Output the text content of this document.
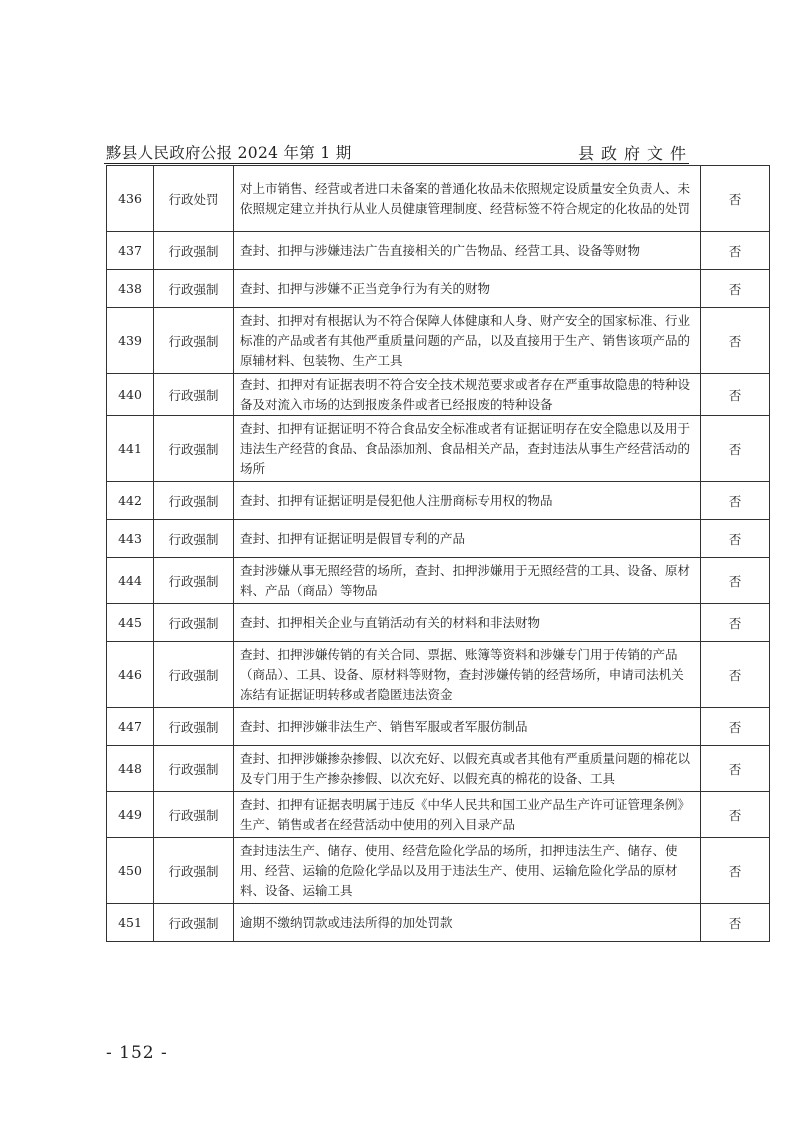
黟县人民政府公报 2024 年第 1 期	县政府文件
436	行政处罚	对上市销售、经营或者进口未备案的普通化妆品未依照规定设质量安全负责人、未依照规定建立并执行从业人员健康管理制度、经营标签不符合规定的化妆品的处罚	否
437	行政强制	查封、扣押与涉嫌违法广告直接相关的广告物品、经营工具、设备等财物	否
438	行政强制	查封、扣押与涉嫌不正当竞争行为有关的财物	否
439	行政强制	查封、扣押对有根据认为不符合保障人体健康和人身、财产安全的国家标准、行业标准的产品或者有其他严重质量问题的产品，以及直接用于生产、销售该项产品的原辅材料、包装物、生产工具	否
440	行政强制	查封、扣押对有证据表明不符合安全技术规范要求或者存在严重事故隐患的特种设备及对流入市场的达到报废条件或者已经报废的特种设备	否
441	行政强制	查封、扣押有证据证明不符合食品安全标准或者有证据证明存在安全隐患以及用于违法生产经营的食品、食品添加剂、食品相关产品，查封违法从事生产经营活动的场所	否
442	行政强制	查封、扣押有证据证明是侵犯他人注册商标专用权的物品	否
443	行政强制	查封、扣押有证据证明是假冒专利的产品	否
444	行政强制	查封涉嫌从事无照经营的场所，查封、扣押涉嫌用于无照经营的工具、设备、原材料、产品（商品）等物品	否
445	行政强制	查封、扣押相关企业与直销活动有关的材料和非法财物	否
446	行政强制	查封、扣押涉嫌传销的有关合同、票据、账簿等资料和涉嫌专门用于传销的产品（商品）、工具、设备、原材料等财物，查封涉嫌传销的经营场所，申请司法机关冻结有证据证明转移或者隐匿违法资金	否
447	行政强制	查封、扣押涉嫌非法生产、销售军服或者军服仿制品	否
448	行政强制	查封、扣押涉嫌掺杂掺假、以次充好、以假充真或者其他有严重质量问题的棉花以及专门用于生产掺杂掺假、以次充好、以假充真的棉花的设备、工具	否
449	行政强制	查封、扣押有证据表明属于违反《中华人民共和国工业产品生产许可证管理条例》生产、销售或者在经营活动中使用的列入目录产品	否
450	行政强制	查封违法生产、储存、使用、经营危险化学品的场所，扣押违法生产、储存、使用、经营、运输的危险化学品以及用于违法生产、使用、运输危险化学品的原材料、设备、运输工具	否
451	行政强制	逾期不缴纳罚款或违法所得的加处罚款	否
- 152 -
